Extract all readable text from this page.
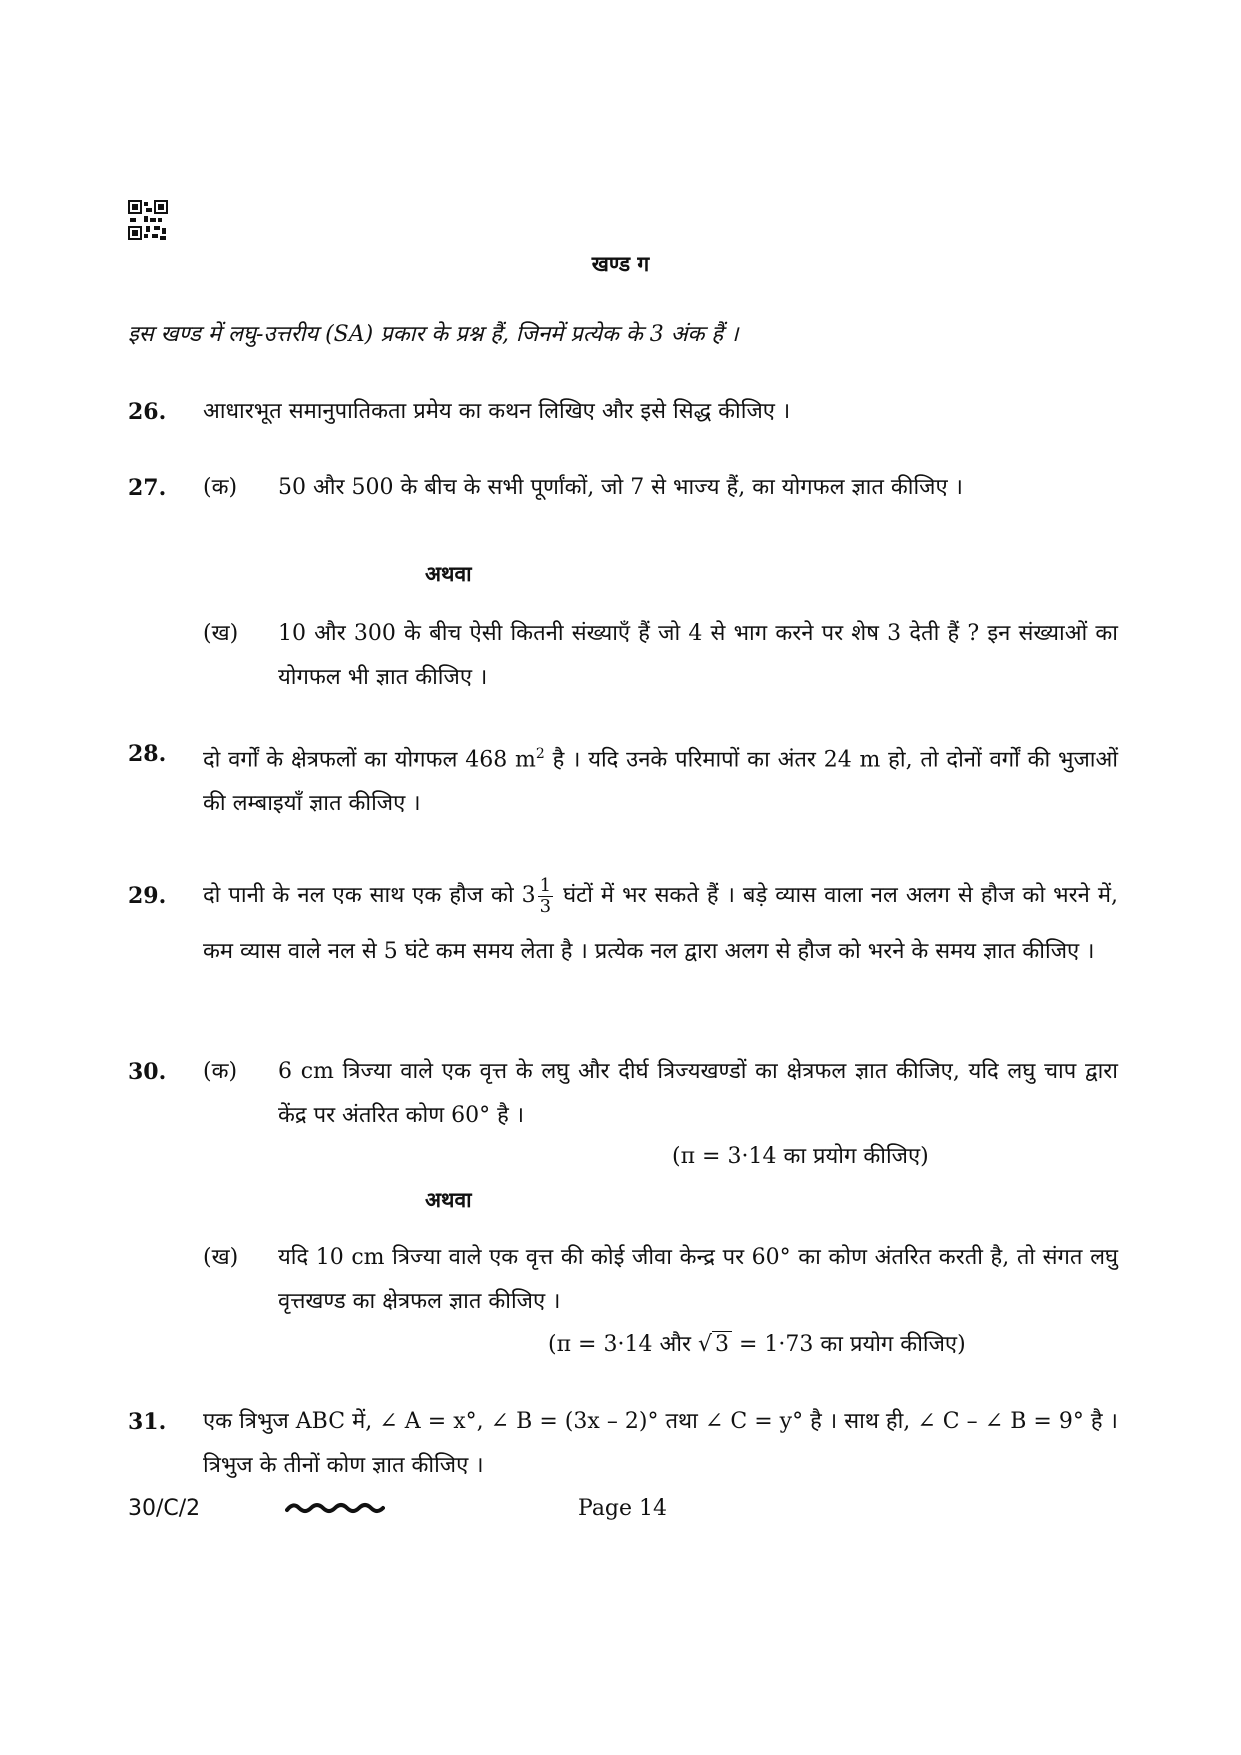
खण्ड ग
इस खण्ड में लघु-उत्तरीय (SA) प्रकार के प्रश्न हैं, जिनमें प्रत्येक के 3 अंक हैं ।
26. आधारभूत समानुपातिकता प्रमेय का कथन लिखिए और इसे सिद्ध कीजिए ।
27. (क) 50 और 500 के बीच के सभी पूर्णांकों, जो 7 से भाज्य हैं, का योगफल ज्ञात कीजिए ।
अथवा
(ख) 10 और 300 के बीच ऐसी कितनी संख्याएँ हैं जो 4 से भाग करने पर शेष 3 देती हैं ? इन संख्याओं का योगफल भी ज्ञात कीजिए ।
28. दो वर्गों के क्षेत्रफलों का योगफल 468 $m^2$ है । यदि उनके परिमापों का अंतर 24 m हो, तो दोनों वर्गों की भुजाओं की लम्बाइयाँ ज्ञात कीजिए ।
29. दो पानी के नल एक साथ एक हौज को $3 \frac{1}{3}$ घंटों में भर सकते हैं । बड़े व्यास वाला नल अलग से हौज को भरने में, कम व्यास वाले नल से 5 घंटे कम समय लेता है । प्रत्येक नल द्वारा अलग से हौज को भरने के समय ज्ञात कीजिए ।
30. (क) 6 cm त्रिज्या वाले एक वृत्त के लघु और दीर्घ त्रिज्यखण्डों का क्षेत्रफल ज्ञात कीजिए, यदि लघु चाप द्वारा केंद्र पर अंतरित कोण 60° है ।
(π = 3·14 का प्रयोग कीजिए)
अथवा
(ख) यदि 10 cm त्रिज्या वाले एक वृत्त की कोई जीवा केन्द्र पर 60° का कोण अंतरित करती है, तो संगत लघु वृत्तखण्ड का क्षेत्रफल ज्ञात कीजिए ।
(π = 3·14 और √ 3 = 1·73 का प्रयोग कीजिए)
31. एक त्रिभुज ABC में, ∠ A = x°, ∠ B = (3x – 2)° तथा ∠ C = y° है । साथ ही, ∠ C – ∠ B = 9° है । त्रिभुज के तीनों कोण ज्ञात कीजिए ।
30/C/2	Page 14
